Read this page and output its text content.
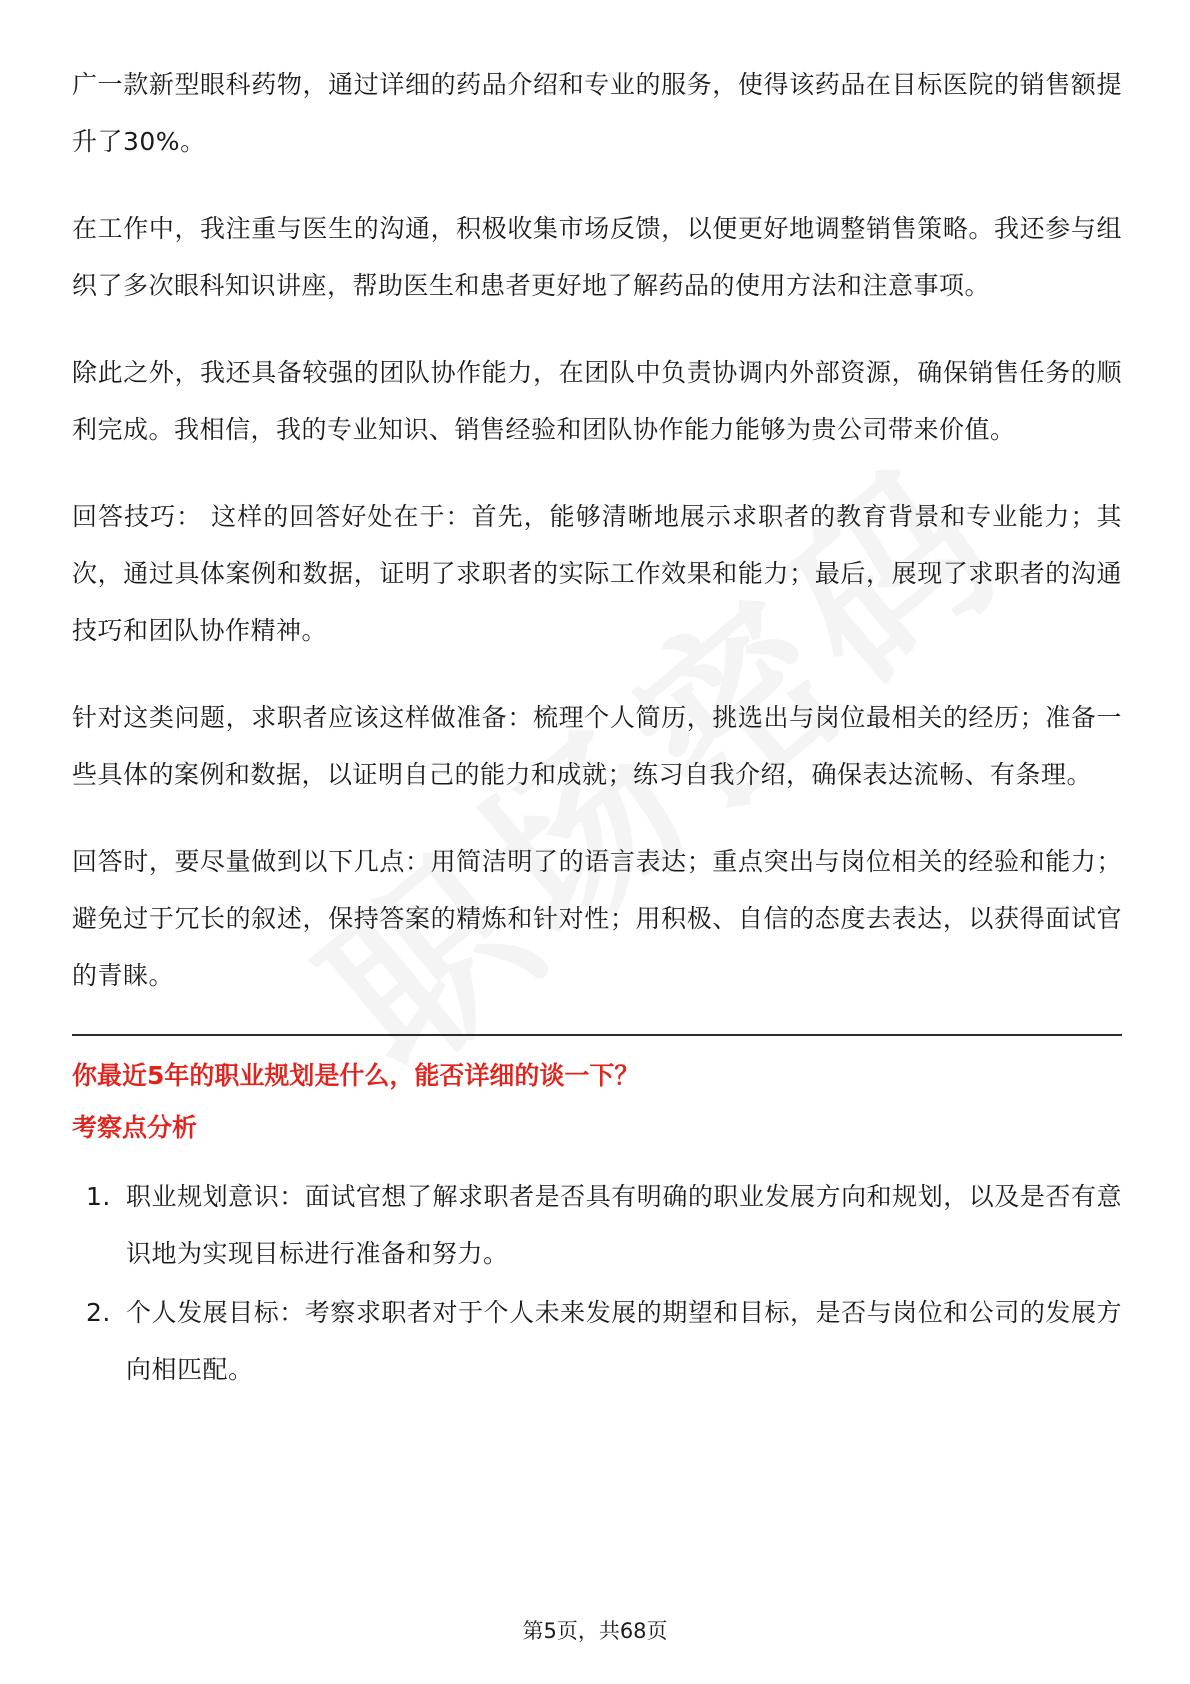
广一款新型眼科药物，通过详细的药品介绍和专业的服务，使得该药品在目标医院的销售额提升了30%。

在工作中，我注重与医生的沟通，积极收集市场反馈，以便更好地调整销售策略。我还参与组织了多次眼科知识讲座，帮助医生和患者更好地了解药品的使用方法和注意事项。

除此之外，我还具备较强的团队协作能力，在团队中负责协调内外部资源，确保销售任务的顺利完成。我相信，我的专业知识、销售经验和团队协作能力能够为贵公司带来价值。

回答技巧： 这样的回答好处在于：首先，能够清晰地展示求职者的教育背景和专业能力；其次，通过具体案例和数据，证明了求职者的实际工作效果和能力；最后，展现了求职者的沟通技巧和团队协作精神。

针对这类问题，求职者应该这样做准备：梳理个人简历，挑选出与岗位最相关的经历；准备一些具体的案例和数据，以证明自己的能力和成就；练习自我介绍，确保表达流畅、有条理。

回答时，要尽量做到以下几点：用简洁明了的语言表达；重点突出与岗位相关的经验和能力；避免过于冗长的叙述，保持答案的精炼和针对性；用积极、自信的态度去表达，以获得面试官的青睐。

你最近5年的职业规划是什么，能否详细的谈一下？

考察点分析

1. 职业规划意识：面试官想了解求职者是否具有明确的职业发展方向和规划，以及是否有意识地为实现目标进行准备和努力。
2. 个人发展目标：考察求职者对于个人未来发展的期望和目标，是否与岗位和公司的发展方向相匹配。
第5页，共68页
